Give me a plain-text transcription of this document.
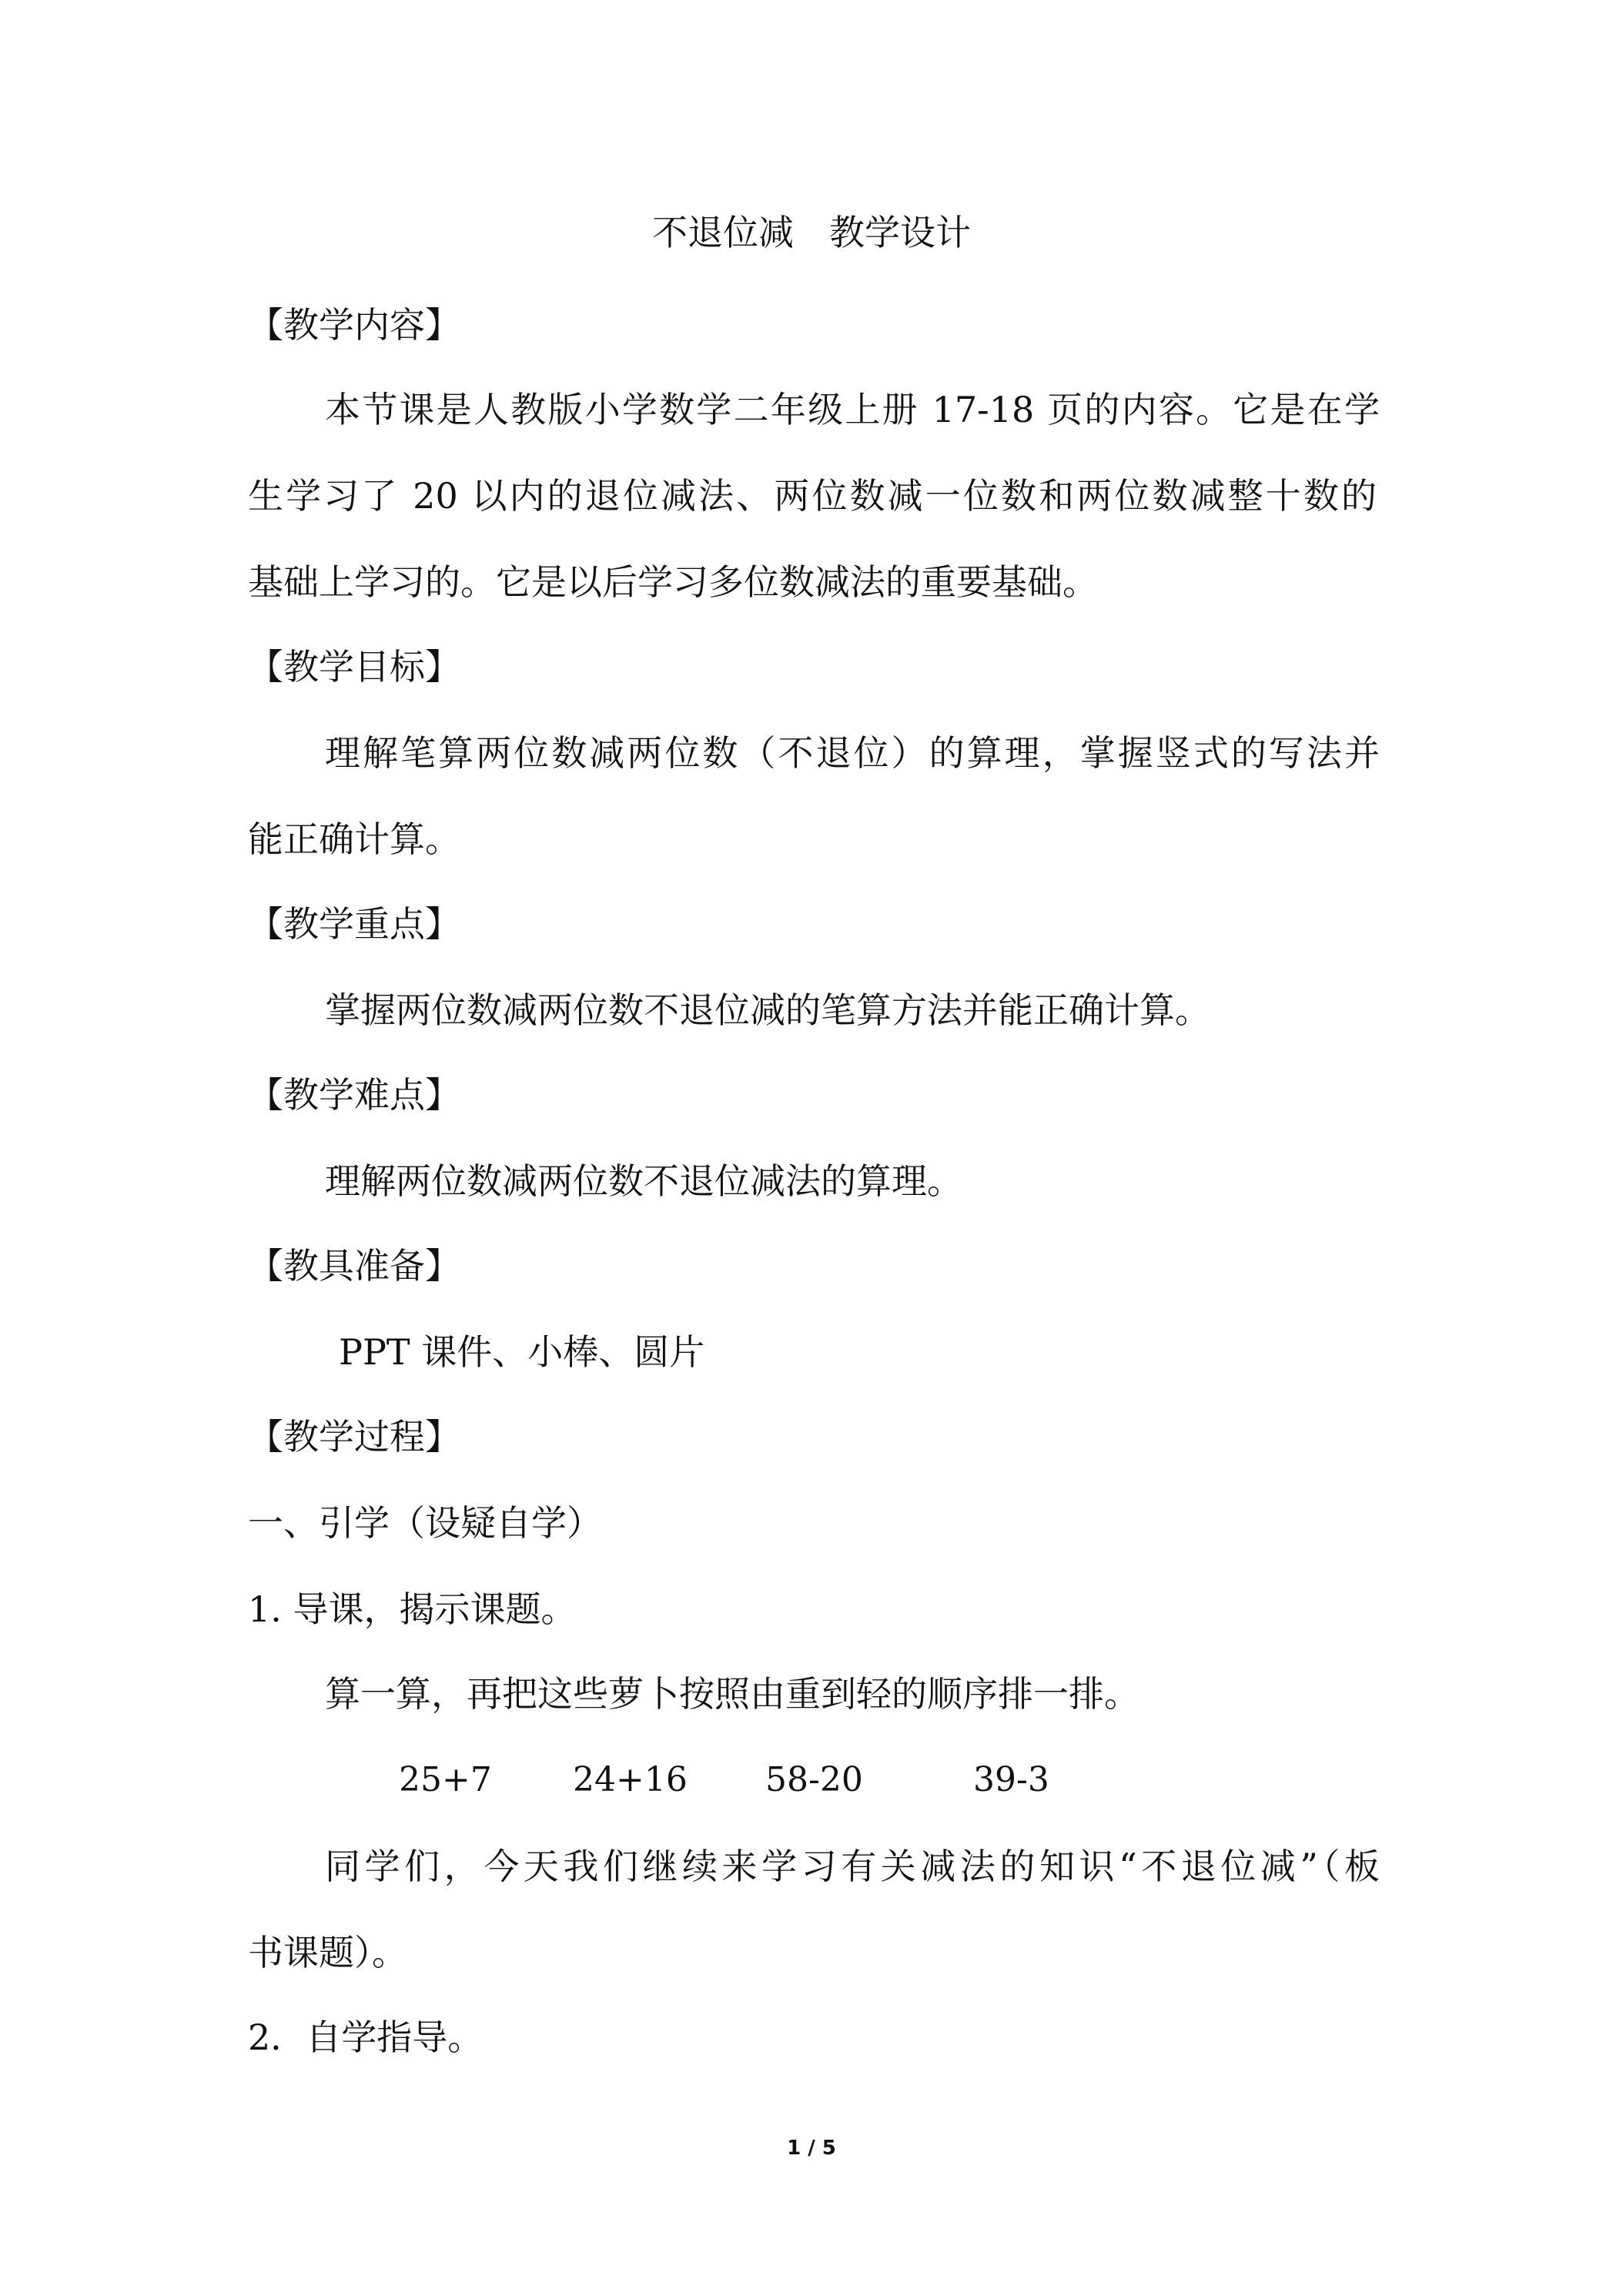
不退位减　教学设计
【教学内容】
本节课是人教版小学数学二年级上册 17-18 页的内容。它是在学
生学习了 20 以内的退位减法、两位数减一位数和两位数减整十数的
基础上学习的。它是以后学习多位数减法的重要基础。
【教学目标】
理解笔算两位数减两位数（不退位）的算理，掌握竖式的写法并
能正确计算。
【教学重点】
掌握两位数减两位数不退位减的笔算方法并能正确计算。
【教学难点】
理解两位数减两位数不退位减法的算理。
【教具准备】
PPT 课件、小棒、圆片
【教学过程】
一、引学（设疑自学）
1. 导课，揭示课题。
算一算，再把这些萝卜按照由重到轻的顺序排一排。
25+7 24+16 58-20	39-3
同学们，今天我们继续来学习有关减法的知识“不退位减”（板
书课题）。
2．自学指导。
1 / 5
